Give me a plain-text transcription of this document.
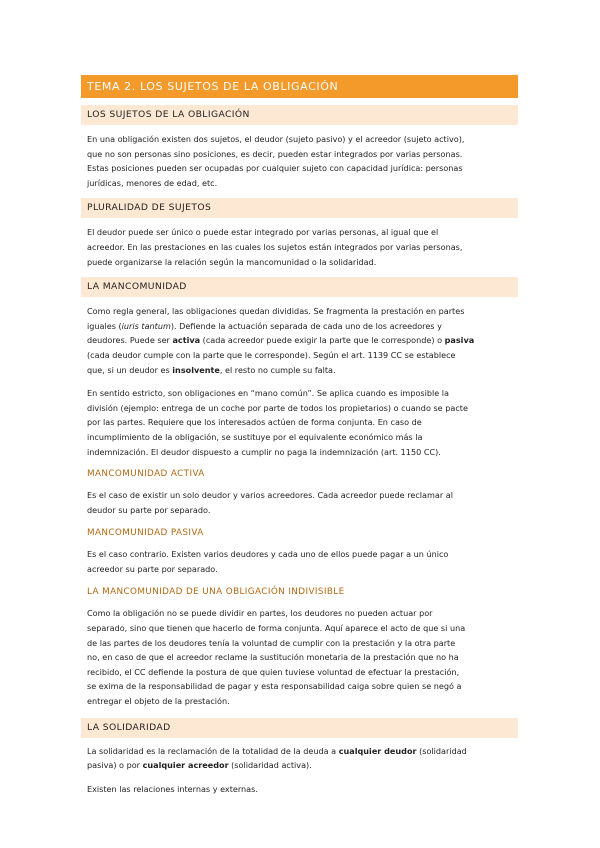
TEMA 2. LOS SUJETOS DE LA OBLIGACIÓN
LOS SUJETOS DE LA OBLIGACIÓN

En una obligación existen dos sujetos, el deudor (sujeto pasivo) y el acreedor (sujeto activo),
que no son personas sino posiciones, es decir, pueden estar integrados por varias personas.
Estas posiciones pueden ser ocupadas por cualquier sujeto con capacidad jurídica: personas
jurídicas, menores de edad, etc.

PLURALIDAD DE SUJETOS

El deudor puede ser único o puede estar integrado por varias personas, al igual que el
acreedor. En las prestaciones en las cuales los sujetos están integrados por varias personas,
puede organizarse la relación según la mancomunidad o la solidaridad.

LA MANCOMUNIDAD

Como regla general, las obligaciones quedan divididas. Se fragmenta la prestación en partes
iguales (iuris tantum). Defiende la actuación separada de cada uno de los acreedores y
deudores. Puede ser activa (cada acreedor puede exigir la parte que le corresponde) o pasiva
(cada deudor cumple con la parte que le corresponde). Según el art. 1139 CC se establece
que, si un deudor es insolvente, el resto no cumple su falta.

En sentido estricto, son obligaciones en “mano común”. Se aplica cuando es imposible la
división (ejemplo: entrega de un coche por parte de todos los propietarios) o cuando se pacte
por las partes. Requiere que los interesados actúen de forma conjunta. En caso de
incumplimiento de la obligación, se sustituye por el equivalente económico más la
indemnización. El deudor dispuesto a cumplir no paga la indemnización (art. 1150 CC).

MANCOMUNIDAD ACTIVA

Es el caso de existir un solo deudor y varios acreedores. Cada acreedor puede reclamar al
deudor su parte por separado.

MANCOMUNIDAD PASIVA

Es el caso contrario. Existen varios deudores y cada uno de ellos puede pagar a un único
acreedor su parte por separado.

LA MANCOMUNIDAD DE UNA OBLIGACIÓN INDIVISIBLE

Como la obligación no se puede dividir en partes, los deudores no pueden actuar por
separado, sino que tienen que hacerlo de forma conjunta. Aquí aparece el acto de que si una
de las partes de los deudores tenía la voluntad de cumplir con la prestación y la otra parte
no, en caso de que el acreedor reclame la sustitución monetaria de la prestación que no ha
recibido, el CC defiende la postura de que quien tuviese voluntad de efectuar la prestación,
se exima de la responsabilidad de pagar y esta responsabilidad caiga sobre quien se negó a
entregar el objeto de la prestación.

LA SOLIDARIDAD

La solidaridad es la reclamación de la totalidad de la deuda a cualquier deudor (solidaridad
pasiva) o por cualquier acreedor (solidaridad activa).

Existen las relaciones internas y externas.
